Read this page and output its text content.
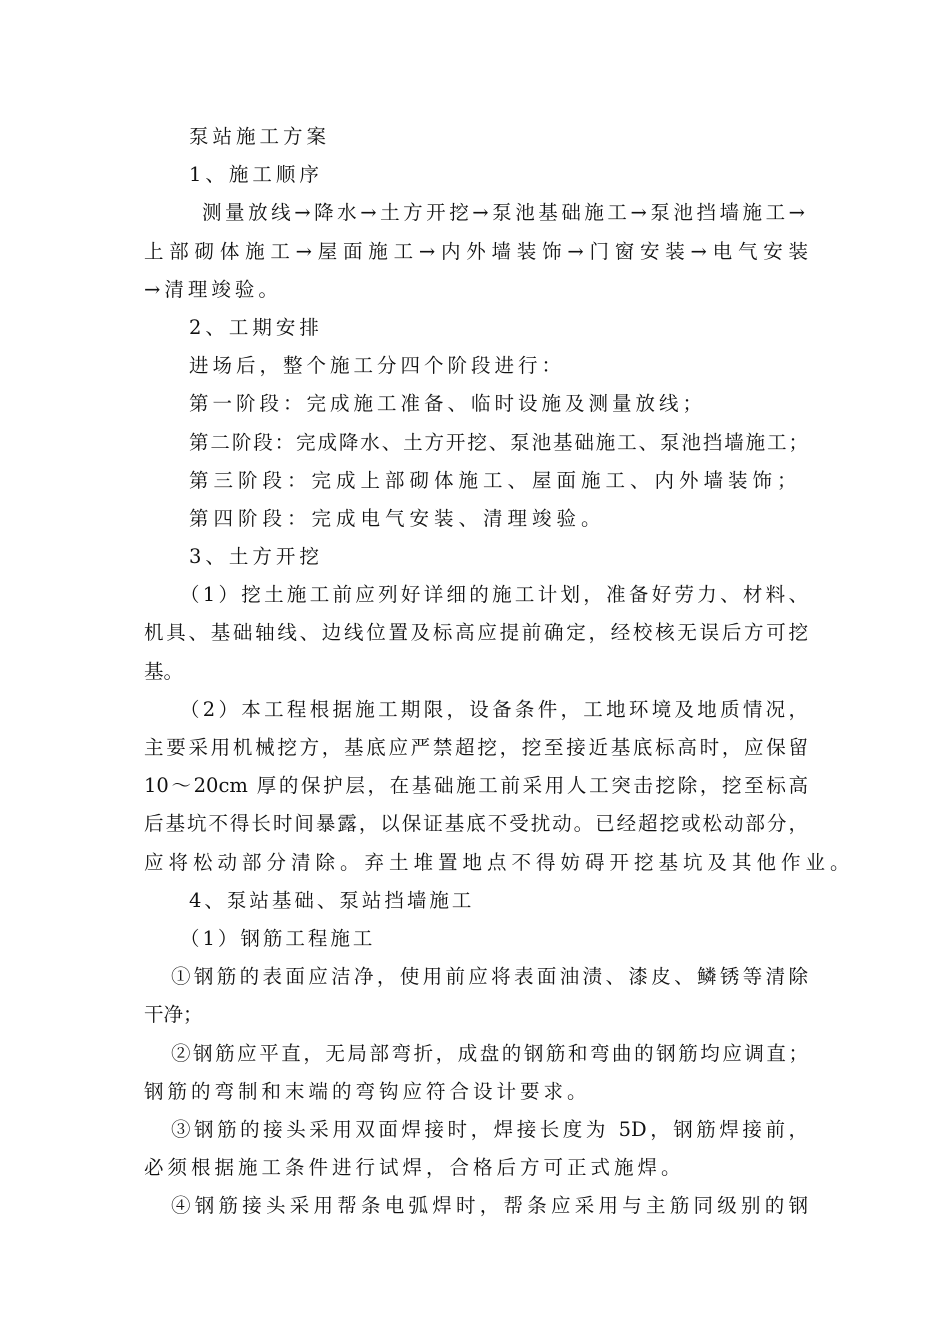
泵站施工方案
1、施工顺序
测量放线→降水→土方开挖→泵池基础施工→泵池挡墙施工→
上部砌体施工→屋面施工→内外墙装饰→门窗安装→电气安装
→清理竣验。
2、工期安排
进场后，整个施工分四个阶段进行：
第一阶段：完成施工准备、临时设施及测量放线；
第二阶段：完成降水、土方开挖、泵池基础施工、泵池挡墙施工；
第三阶段：完成上部砌体施工、屋面施工、内外墙装饰；
第四阶段：完成电气安装、清理竣验。
3、土方开挖
（1）挖土施工前应列好详细的施工计划，准备好劳力、材料、
机具、基础轴线、边线位置及标高应提前确定，经校核无误后方可挖
基。
（2）本工程根据施工期限，设备条件，工地环境及地质情况，
主要采用机械挖方，基底应严禁超挖，挖至接近基底标高时，应保留
10～20cm 厚的保护层，在基础施工前采用人工突击挖除，挖至标高
后基坑不得长时间暴露，以保证基底不受扰动。已经超挖或松动部分，
应将松动部分清除。弃土堆置地点不得妨碍开挖基坑及其他作业。
4、泵站基础、泵站挡墙施工
（1）钢筋工程施工
①钢筋的表面应洁净，使用前应将表面油渍、漆皮、鳞锈等清除
干净；
②钢筋应平直，无局部弯折，成盘的钢筋和弯曲的钢筋均应调直；
钢筋的弯制和末端的弯钩应符合设计要求。
③钢筋的接头采用双面焊接时，焊接长度为 5D，钢筋焊接前，
必须根据施工条件进行试焊，合格后方可正式施焊。
④钢筋接头采用帮条电弧焊时，帮条应采用与主筋同级别的钢
